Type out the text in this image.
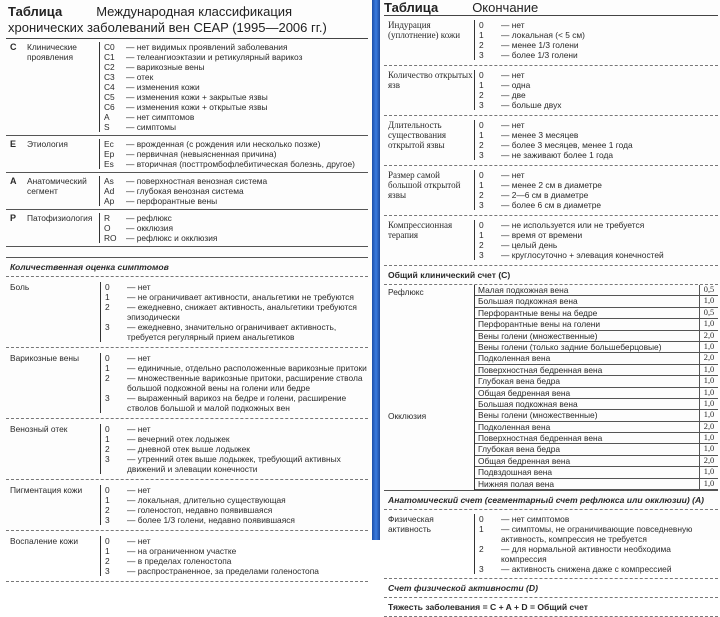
Таблица	Международная классификация хронических заболеваний вен CEAP (1995—2006 гг.)
C	Клинические проявления
C0	— нет видимых проявлений заболевания
C1	— телеангиоэктазии и ретикулярный варикоз
C2	— варикозные вены
C3	— отек
C4	— изменения кожи
C5	— изменения кожи + закрытые язвы
C6	— изменения кожи + открытые язвы
A	— нет симптомов
S	— симптомы
E	Этиология	Ec	— врожденная (с рождения или несколько позже)
Ep	— первичная (невыясненная причина)
Es	— вторичная (посттромбофлебитическая болезнь, другое)
A	Анатомический сегмент
As	— поверхностная венозная система
Ad	— глубокая венозная система
Ap	— перфорантные вены
P	Патофизиология	R	— рефлюкс
O	— окклюзия
RO	— рефлюкс и окклюзия
Количественная оценка симптомов
Боль	0	— нет
1	— не ограничивает активности, анальгетики не требуются
2	— ежедневно, снижает активность, анальгетики требуются эпизодически
3	— ежедневно, значительно ограничивает активность, требуется регулярный прием анальгетиков
Варикозные вены	0	— нет
1	— единичные, отдельно расположенные варикозные притоки
2	— множественные варикозные притоки, расширение ствола большой подкожной вены на голени или бедре
3	— выраженный варикоз на бедре и голени, расширение стволов большой и малой подкожных вен
Венозный отек	0	— нет
1	— вечерний отек лодыжек
2	— дневной отек выше лодыжек
3	— утренний отек выше лодыжек, требующий активных движений и элевации конечности
Пигментация кожи	0	— нет
1	— локальная, длительно существующая
2	— голеностоп, недавно появившаяся
3	— более 1/3 голени, недавно появившаяся
Воспаление кожи	0	— нет
1	— на ограниченном участке
2	— в пределах голеностопа
3	— распространенное, за пределами голеностопа
Таблица	Окончание
Индурация (уплотнение) кожи
0	— нет
1	— локальная (< 5 см)
2	— менее 1/3 голени
3	— более 1/3 голени
Количество открытых язв
0	— нет
1	— одна
2	— две
3	— больше двух
Длительность существования открытой язвы
0	— нет
1	— менее 3 месяцев
2	— более 3 месяцев, менее 1 года
3	— не заживают более 1 года
Размер самой большой открытой язвы
0	— нет
1	— менее 2 см в диаметре
2	— 2—6 см в диаметре
3	— более 6 см в диаметре
Компрессионная терапия
0	— не используется или не требуется
1	— время от времени
2	— целый день
3	— круглосуточно + элевация конечностей
Общий клинический счет (C)
Рефлюкс	Малая подкожная вена	0,5
Большая подкожная вена	1,0
Перфорантные вены на бедре	0,5
Перфорантные вены на голени	1,0
Вены голени (множественные)	2,0
Вены голени (только задние большеберцовые)	1,0
Подколенная вена	2,0
Поверхностная бедренная вена	1,0
Глубокая вена бедра	1,0
Общая бедренная вена	1,0
Окклюзия
Большая подкожная вена	1,0
Вены голени (множественные)	1,0
Подколенная вена	2,0
Поверхностная бедренная вена	1,0
Глубокая вена бедра	1,0
Общая бедренная вена	2,0
Подвздошная вена	1,0
Нижняя полая вена	1,0
Анатомический счет (сегментарный счет рефлюкса или окклюзии) (A)
Физическая активность
0	— нет симптомов
1	— симптомы, не ограничивающие повседневную активность, компрессия не требуется
2	— для нормальной активности необходима компрессия
3	— активность снижена даже с компрессией
Счет физической активности (D)
Тяжесть заболевания = C + A + D = Общий счет
